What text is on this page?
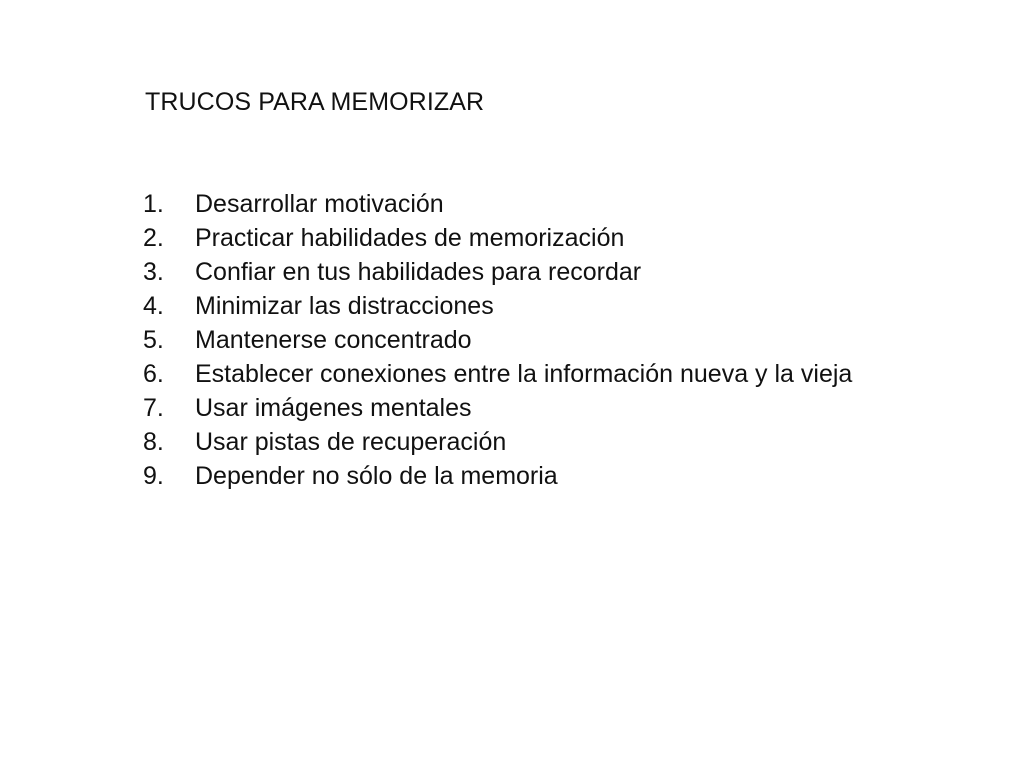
TRUCOS PARA MEMORIZAR
1.	Desarrollar motivación
2.	Practicar habilidades de memorización
3.	Confiar en tus habilidades para recordar
4.	Minimizar las distracciones
5.	Mantenerse concentrado
6.	Establecer conexiones entre la información nueva y la vieja
7.	Usar imágenes mentales
8.	Usar pistas de recuperación
9.	Depender no sólo de la memoria
